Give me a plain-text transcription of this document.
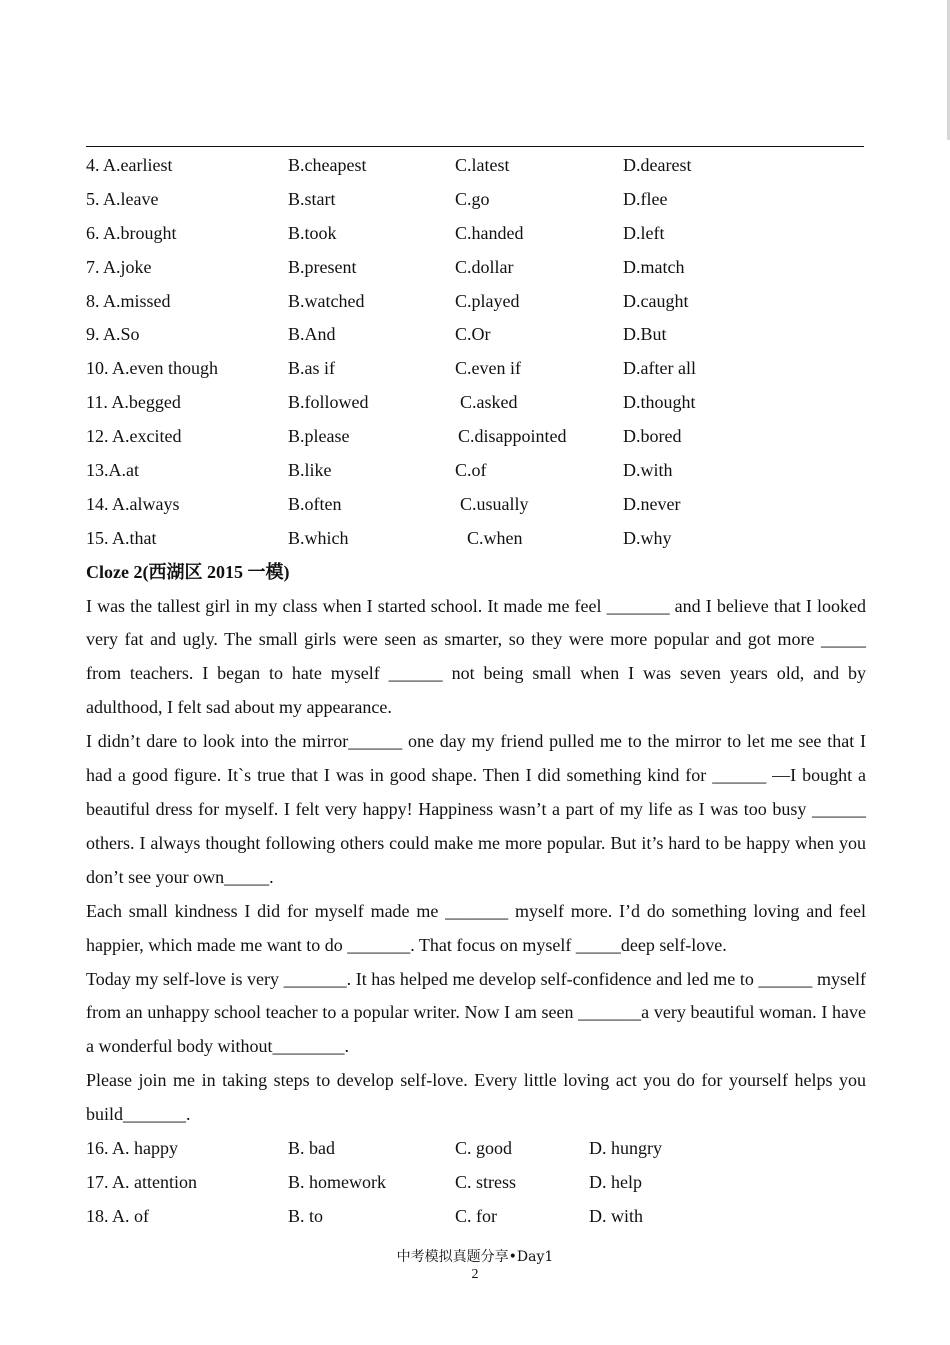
4. A.earliest	B.cheapest	C.latest	D.dearest
5. A.leave	B.start	C.go	D.flee
6. A.brought	B.took	C.handed	D.left
7. A.joke	B.present	C.dollar	D.match
8. A.missed	B.watched	C.played	D.caught
9. A.So	B.And	C.Or	D.But
10. A.even though	B.as if	C.even if	D.after all
11. A.begged	B.followed	C.asked	D.thought
12. A.excited	B.please	C.disappointed	D.bored
13.A.at	B.like	C.of	D.with
14. A.always	B.often	C.usually	D.never
15. A.that	B.which	C.when	D.why
Cloze 2(西湖区 2015 一模)

I was the tallest girl in my class when I started school. It made me feel _______ and I believe that I looked very fat and ugly. The small girls were seen as smarter, so they were more popular and got more _____ from teachers. I began to hate myself ______ not being small when I was seven years old, and by adulthood, I felt sad about my appearance.

I didn’t dare to look into the mirror______ one day my friend pulled me to the mirror to let me see that I had a good figure. It`s true that I was in good shape. Then I did something kind for ______ —I bought a beautiful dress for myself. I felt very happy! Happiness wasn’t a part of my life as I was too busy ______ others. I always thought following others could make me more popular. But it’s hard to be happy when you don’t see your own_____.

Each small kindness I did for myself made me _______ myself more. I’d do something loving and feel happier, which made me want to do _______. That focus on myself _____deep self-love.

Today my self-love is very _______. It has helped me develop self-confidence and led me to ______ myself from an unhappy school teacher to a popular writer. Now I am seen _______a very beautiful woman. I have a wonderful body without________.

Please join me in taking steps to develop self-love. Every little loving act you do for yourself helps you build_______.

16. A. happy	B. bad	C. good	D. hungry
17. A. attention	B. homework	C. stress	D. help
18. A. of	B. to	C. for	D. with
中考模拟真题分享•Day1
2
